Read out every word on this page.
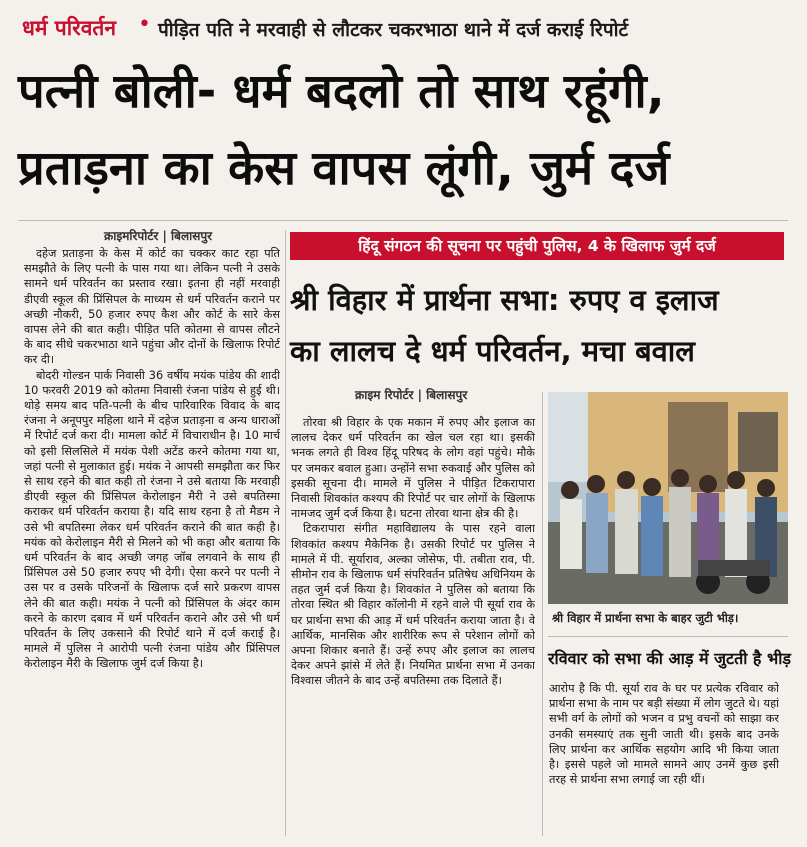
धर्म परिवर्तन • पीड़ित पति ने मरवाही से लौटकर चकरभाठा थाने में दर्ज कराई रिपोर्ट
पत्नी बोली- धर्म बदलो तो साथ रहूंगी,
प्रताड़ना का केस वापस लूंगी, जुर्म दर्ज
क्राइमरिपोर्टर | बिलासपुर

दहेज प्रताड़ना के केस में कोर्ट का चक्कर काट रहा पति समझौते के लिए पत्नी के पास गया था। लेकिन पत्नी ने उसके सामने धर्म परिवर्तन का प्रस्ताव रखा। इतना ही नहीं मरवाही डीएवी स्कूल की प्रिंसिपल के माध्यम से धर्म परिवर्तन कराने पर अच्छी नौकरी, 50 हजार रुपए कैश और कोर्ट के सारे केस वापस लेने की बात कही। पीड़ित पति कोतमा से वापस लौटने के बाद सीधे चकरभाठा थाने पहुंचा और दोनों के खिलाफ रिपोर्ट कर दी।

बोदरी गोल्डन पार्क निवासी 36 वर्षीय मयंक पांडेय की शादी 10 फरवरी 2019 को कोतमा निवासी रंजना पांडेय से हुई थी। थोड़े समय बाद पति-पत्नी के बीच पारिवारिक विवाद के बाद रंजना ने अनूपपुर महिला थाने में दहेज प्रताड़ना व अन्य धाराओं में रिपोर्ट दर्ज करा दी। मामला कोर्ट में विचाराधीन है। 10 मार्च को इसी सिलसिले में मयंक पेशी अटेंड करने कोतमा गया था, जहां पत्नी से मुलाकात हुई। मयंक ने आपसी समझौता कर फिर से साथ रहने की बात कही तो रंजना ने उसे बताया कि मरवाही डीएवी स्कूल की प्रिंसिपल केरोलाइन मैरी ने उसे बपतिस्मा कराकर धर्म परिवर्तन कराया है। यदि साथ रहना है तो मैडम ने उसे भी बपतिस्मा लेकर धर्म परिवर्तन कराने की बात कही है। मयंक को केरोलाइन मैरी से मिलने को भी कहा और बताया कि धर्म परिवर्तन के बाद अच्छी जगह जॉब लगवाने के साथ ही प्रिंसिपल उसे 50 हजार रुपए भी देगी। ऐसा करने पर पत्नी ने उस पर व उसके परिजनों के खिलाफ दर्ज सारे प्रकरण वापस लेने की बात कही। मयंक ने पत्नी को प्रिंसिपल के अंदर काम करने के कारण दबाव में धर्म परिवर्तन कराने और उसे भी धर्म परिवर्तन के लिए उकसाने की रिपोर्ट थाने में दर्ज कराई है। मामले में पुलिस ने आरोपी पत्नी रंजना पांडेय और प्रिंसिपल केरोलाइन मैरी के खिलाफ जुर्म दर्ज किया है।

हिंदू संगठन की सूचना पर पहुंची पुलिस, 4 के खिलाफ जुर्म दर्ज
श्री विहार में प्रार्थना सभा: रुपए व इलाज
का लालच दे धर्म परिवर्तन, मचा बवाल
क्राइम रिपोर्टर | बिलासपुर

तोरवा श्री विहार के एक मकान में रुपए और इलाज का लालच देकर धर्म परिवर्तन का खेल चल रहा था। इसकी भनक लगते ही विश्व हिंदू परिषद के लोग वहां पहुंचे। मौके पर जमकर बवाल हुआ। उन्होंने सभा रुकवाई और पुलिस को इसकी सूचना दी। मामले में पुलिस ने पीड़ित टिकरापारा निवासी शिवकांत कश्यप की रिपोर्ट पर चार लोगों के खिलाफ नामजद जुर्म दर्ज किया है। घटना तोरवा थाना क्षेत्र की है।

टिकरापारा संगीत महाविद्यालय के पास रहने वाला शिवकांत कश्यप मैकेनिक है। उसकी रिपोर्ट पर पुलिस ने मामले में पी. सूर्याराव, अल्का जोसेफ, पी. तबीता राव, पी. सीमोन राव के खिलाफ धर्म संपरिवर्तन प्रतिषेध अधिनियम के तहत जुर्म दर्ज किया है। शिवकांत ने पुलिस को बताया कि तोरवा स्थित श्री विहार कॉलोनी में रहने वाले पी सूर्या राव के घर प्रार्थना सभा की आड़ में धर्म परिवर्तन कराया जाता है। वे आर्थिक, मानसिक और शारीरिक रूप से परेशान लोगों को अपना शिकार बनाते हैं। उन्हें रुपए और इलाज का लालच देकर अपने झांसे में लेते हैं। नियमित प्रार्थना सभा में उनका विश्वास जीतने के बाद उन्हें बपतिस्मा तक दिलाते हैं।

श्री विहार में प्रार्थना सभा के बाहर जुटी भीड़।
रविवार को सभा की आड़ में जुटती है भीड़

आरोप है कि पी. सूर्या राव के घर पर प्रत्येक रविवार को प्रार्थना सभा के नाम पर बड़ी संख्या में लोग जुटते थे। यहां सभी वर्ग के लोगों को भजन व प्रभु वचनों को साझा कर उनकी समस्याएं तक सुनी जाती थी। इसके बाद उनके लिए प्रार्थना कर आर्थिक सहयोग आदि भी किया जाता है। इससे पहले जो मामले सामने आए उनमें कुछ इसी तरह से प्रार्थना सभा लगाई जा रही थीं।
